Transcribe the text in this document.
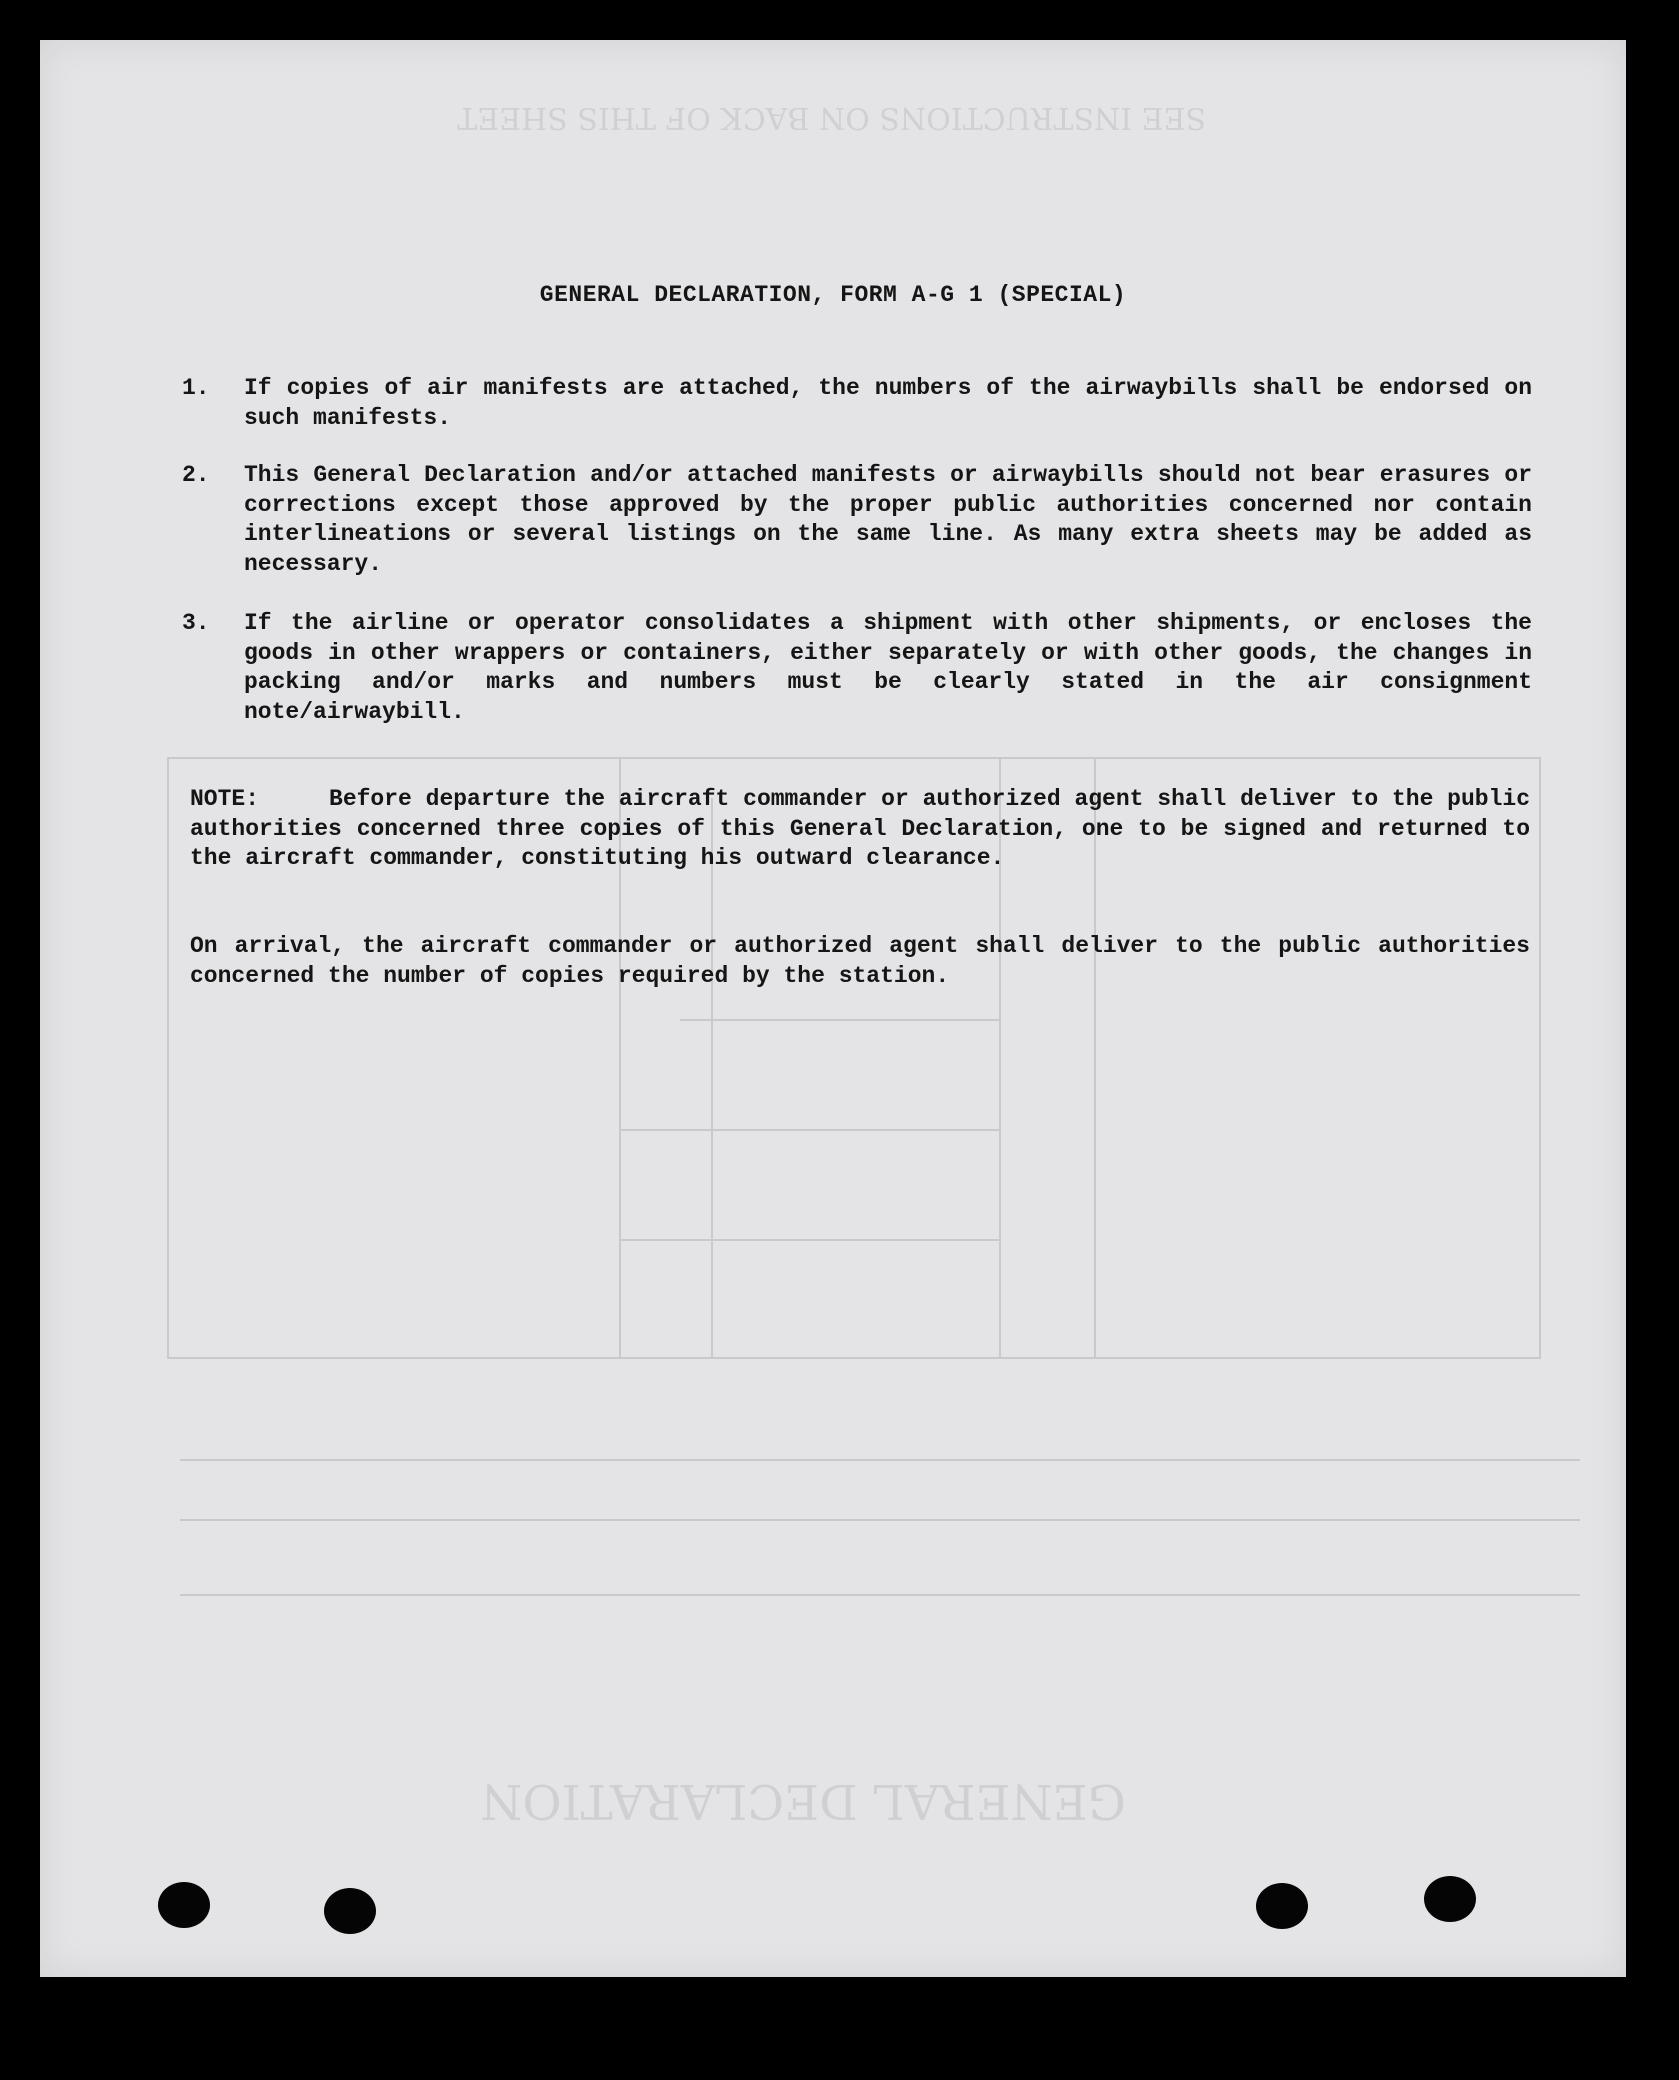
SEE INSTRUCTIONS ON BACK OF THIS SHEET
GENERAL DECLARATION
GENERAL DECLARATION, FORM A-G 1 (SPECIAL)
1. If copies of air manifests are attached, the numbers of the airwaybills shall be endorsed on such manifests.
2. This General Declaration and/or attached manifests or airwaybills should not bear erasures or corrections except those approved by the proper public authorities concerned nor contain interlineations or several listings on the same line. As many extra sheets may be added as necessary.
3. If the airline or operator consolidates a shipment with other shipments, or encloses the goods in other wrappers or containers, either separately or with other goods, the changes in packing and/or marks and numbers must be clearly stated in the air consignment note/airwaybill.
NOTE:	Before departure the aircraft commander or authorized agent shall deliver to the public authorities concerned three copies of this General Declaration, one to be signed and returned to the aircraft commander, constituting his outward clearance.
On arrival, the aircraft commander or authorized agent shall deliver to the public authorities concerned the number of copies required by the station.
